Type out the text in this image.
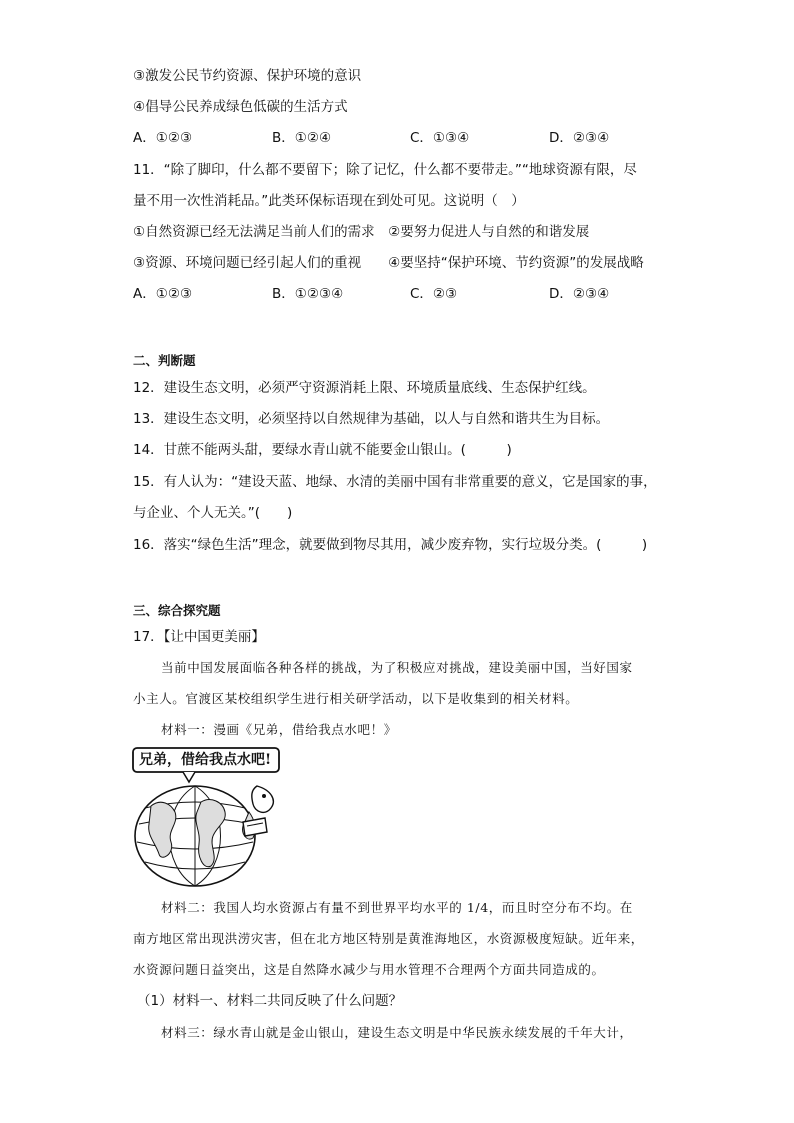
③激发公民节约资源、保护环境的意识
④倡导公民养成绿色低碳的生活方式
A．①②③	B．①②④	C．①③④	D．②③④
11．“除了脚印，什么都不要留下；除了记忆，什么都不要带走。”“地球资源有限，尽
量不用一次性消耗品。”此类环保标语现在到处可见。这说明（　）
①自然资源已经无法满足当前人们的需求　②要努力促进人与自然的和谐发展
③资源、环境问题已经引起人们的重视　　④要坚持“保护环境、节约资源”的发展战略
A．①②③	B．①②③④	C．②③	D．②③④
二、判断题
12．建设生态文明，必须严守资源消耗上限、环境质量底线、生态保护红线。
13．建设生态文明，必须坚持以自然规律为基础，以人与自然和谐共生为目标。
14．甘蔗不能两头甜，要绿水青山就不能要金山银山。(　　　)
15．有人认为：“建设天蓝、地绿、水清的美丽中国有非常重要的意义，它是国家的事，
与企业、个人无关。”(　　)
16．落实“绿色生活”理念，就要做到物尽其用，减少废弃物，实行垃圾分类。(　　　)
三、综合探究题
17．【让中国更美丽】
当前中国发展面临各种各样的挑战，为了积极应对挑战，建设美丽中国，当好国家
小主人。官渡区某校组织学生进行相关研学活动，以下是收集到的相关材料。
材料一：漫画《兄弟，借给我点水吧！》
兄弟，借给我点水吧!
材料二：我国人均水资源占有量不到世界平均水平的 1/4，而且时空分布不均。在
南方地区常出现洪涝灾害，但在北方地区特别是黄淮海地区，水资源极度短缺。近年来，
水资源问题日益突出，这是自然降水减少与用水管理不合理两个方面共同造成的。
（1）材料一、材料二共同反映了什么问题？
材料三：绿水青山就是金山银山，建设生态文明是中华民族永续发展的千年大计，
